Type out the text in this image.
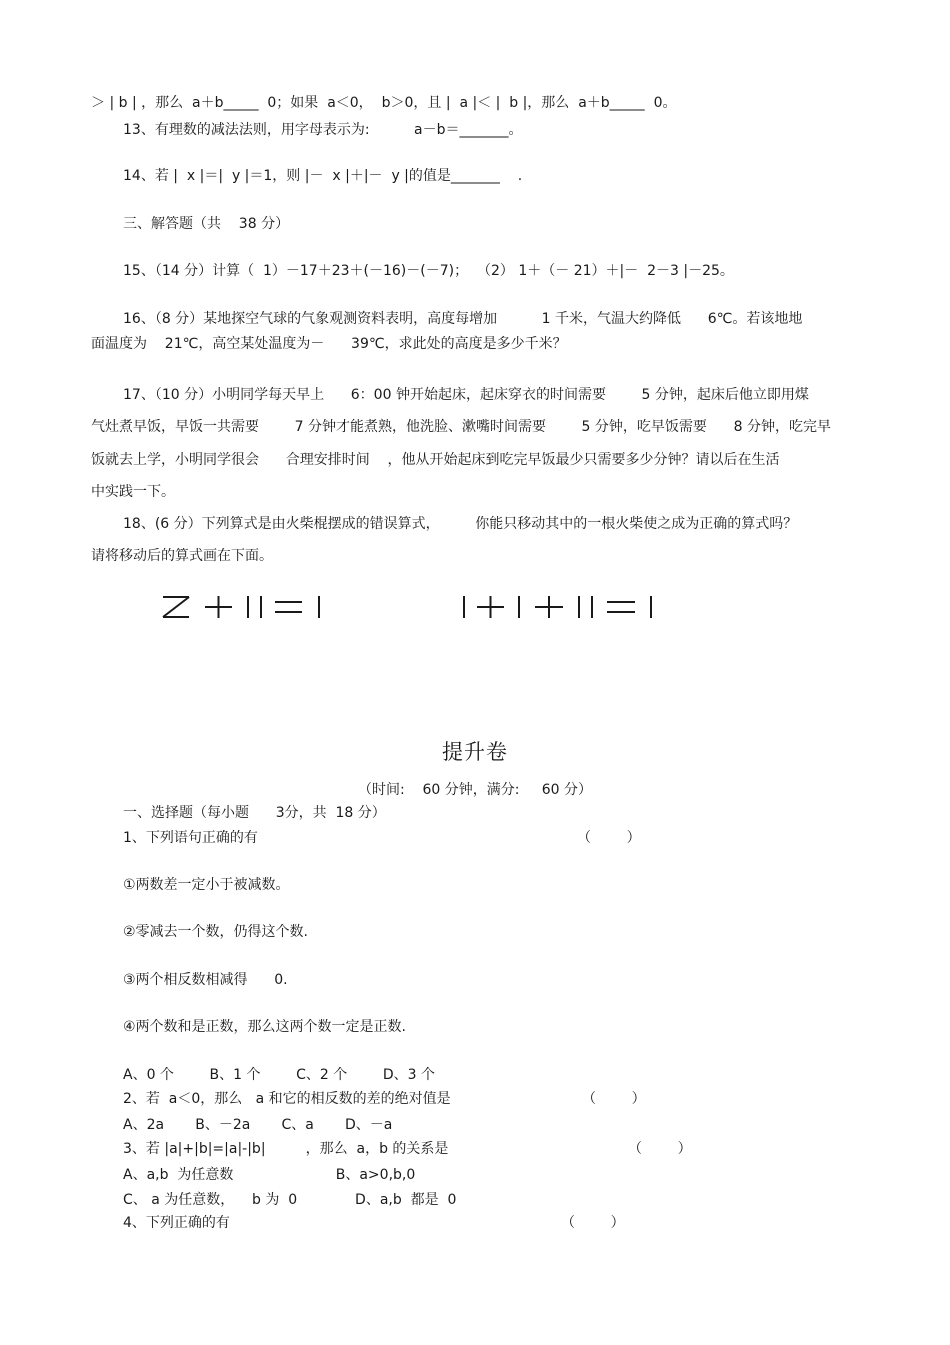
＞ | b | ，那么  a＋b_____  0；如果  a＜0，  b＞0，且 |  a |＜ |  b |，那么  a＋b_____  0。
13、有理数的减法法则，用字母表示为:          a－b＝_______。
14、若 |  x |＝|  y |＝1，则 |－  x |＋|－  y |的值是_______    .
三、解答题（共    38 分）
15、（14 分）计算（  1）－17＋23＋(－16)－(－7)；  （2） 1＋（－ 21）＋|－  2－3 |－25。
16、（8 分）某地探空气球的气象观测资料表明，高度每增加          1 千米，气温大约降低      6℃。若该地地
面温度为    21℃，高空某处温度为－      39℃，求此处的高度是多少千米？
17、（10 分）小明同学每天早上      6：00 钟开始起床，起床穿衣的时间需要        5 分钟，起床后他立即用煤
气灶煮早饭，早饭一共需要        7 分钟才能煮熟，他洗脸、漱嘴时间需要        5 分钟，吃早饭需要      8 分钟，吃完早
饭就去上学，小明同学很会      合理安排时间    ，他从开始起床到吃完早饭最少只需要多少分钟？请以后在生活
中实践一下。
18、(6 分）下列算式是由火柴棍摆成的错误算式，        你能只移动其中的一根火柴使之成为正确的算式吗？
请将移动后的算式画在下面。
提升卷
（时间:    60 分钟，满分:     60 分）
一、选择题（每小题      3分，共  18 分）
1、下列语句正确的有	（        ）
①两数差一定小于被减数。
②零减去一个数，仍得这个数.
③两个相反数相减得      0.
④两个数和是正数，那么这两个数一定是正数.
A、0 个        B、1 个        C、2 个        D、3 个
2、若  a＜0，那么   a 和它的相反数的差的绝对值是	（        ）
A、2a       B、－2a       C、a       D、－a
3、若 |a|+|b|=|a|-|b|         ，那么  a，b 的关系是	（        ）
A、a,b  为任意数                       B、a>0,b,0
C、 a 为任意数，    b 为  0             D、a,b  都是  0
4、下列正确的有	（        ）
